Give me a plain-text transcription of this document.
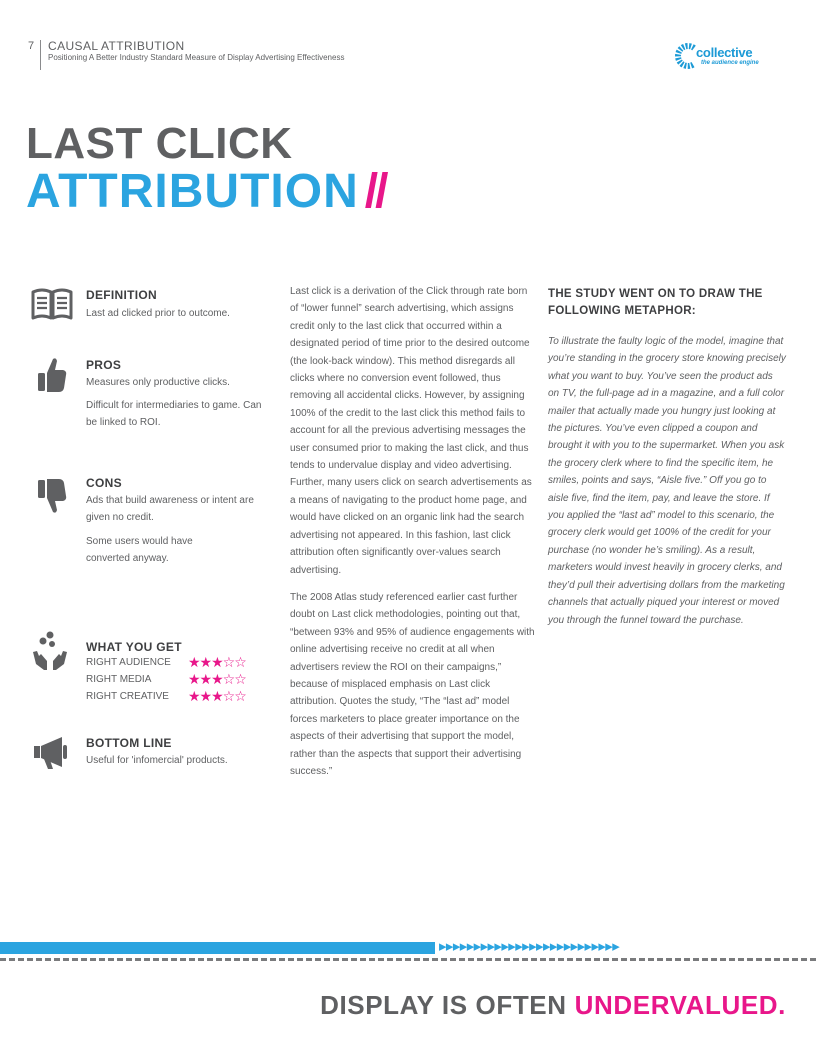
7 CAUSAL ATTRIBUTION
Positioning A Better Industry Standard Measure of Display Advertising Effectiveness	collective
the audience engine
LAST CLICK
ATTRIBUTION //
DEFINITION
Last ad clicked prior to outcome.
PROS
Measures only productive clicks.
Difficult for intermediaries to game. Can be linked to ROI.
CONS
Ads that build awareness or intent are given no credit.
Some users would have converted anyway.
WHAT YOU GET
RIGHT AUDIENCE ★★★☆☆
RIGHT MEDIA	★★★☆☆
RIGHT CREATIVE ★★★☆☆
BOTTOM LINE
Useful for 'infomercial' products.

Last click is a derivation of the Click through rate born of “lower funnel” search advertising, which assigns credit only to the last click that occurred within a designated period of time prior to the desired outcome (the look-back window). This method disregards all clicks where no conversion event followed, thus removing all accidental clicks. However, by assigning 100% of the credit to the last click this method fails to account for all the previous advertising messages the user consumed prior to making the last click, and thus tends to undervalue display and video advertising. Further, many users click on search advertisements as a means of navigating to the product home page, and would have clicked on an organic link had the search advertising not appeared. In this fashion, last click attribution often significantly over-values search advertising.

The 2008 Atlas study referenced earlier cast further doubt on Last click methodologies, pointing out that, “between 93% and 95% of audience engagements with online advertising receive no credit at all when advertisers review the ROI on their campaigns,” because of misplaced emphasis on Last click attribution. Quotes the study, “The “last ad” model forces marketers to place greater importance on the aspects of their advertising that support the model, rather than the aspects that support their advertising success.”

THE STUDY WENT ON TO DRAW THE FOLLOWING METAPHOR:
To illustrate the faulty logic of the model, imagine that you’re standing in the grocery store knowing precisely what you want to buy. You’ve seen the product ads on TV, the full-page ad in a magazine, and a full color mailer that actually made you hungry just looking at the pictures. You’ve even clipped a coupon and brought it with you to the supermarket. When you ask the grocery clerk where to find the specific item, he smiles, points and says, “Aisle five.” Off you go to aisle five, find the item, pay, and leave the store. If you applied the “last ad” model to this scenario, the grocery clerk would get 100% of the credit for your purchase (no wonder he’s smiling). As a result, marketers would invest heavily in grocery clerks, and they’d pull their advertising dollars from the marketing channels that actually piqued your interest or moved you through the funnel toward the purchase.
▸▸▸▸▸▸▸▸▸▸▸▸▸▸▸▸▸▸▸▸▸▸▸▸▸▸
DISPLAY IS OFTEN UNDERVALUED.
